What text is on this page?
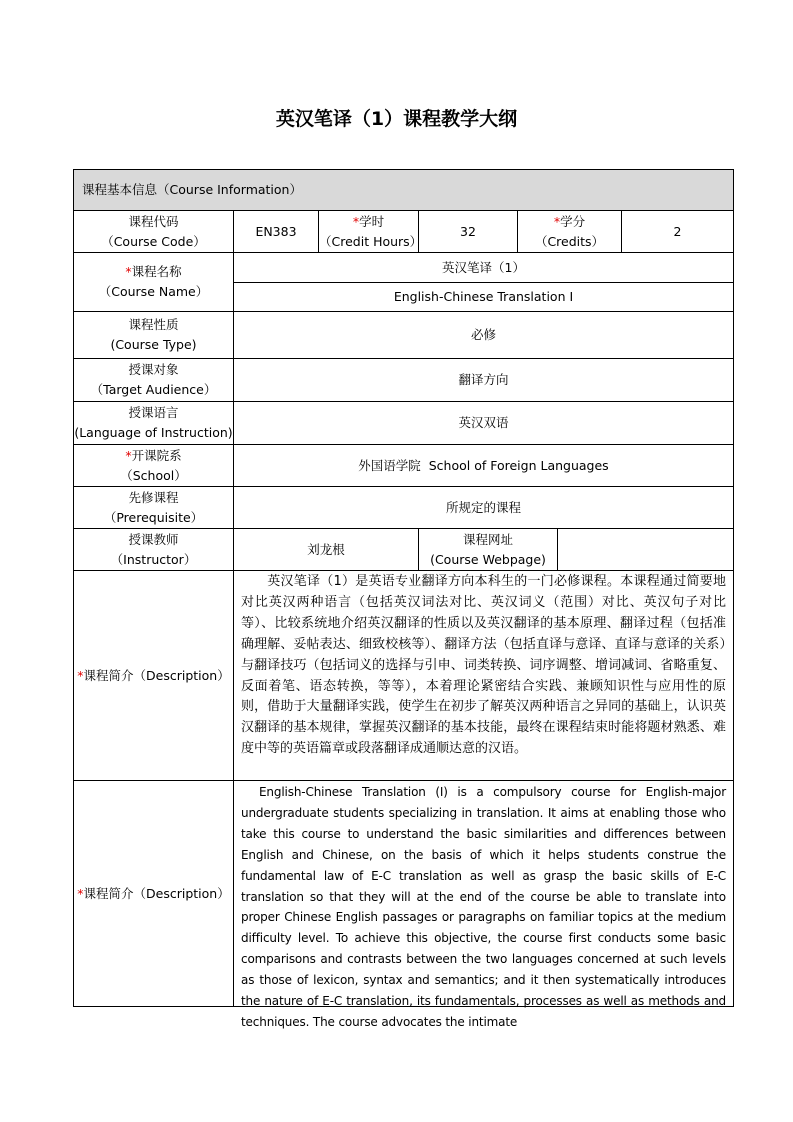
英汉笔译（1）课程教学大纲
课程基本信息（Course Information）
课程代码
（Course Code）
EN383
*学时
（Credit Hours）
32
*学分
（Credits）
2
*课程名称
（Course Name）
英汉笔译（1）
English-Chinese Translation I
课程性质
(Course Type)
必修
授课对象
（Target Audience）
翻译方向
授课语言
(Language of Instruction)
英汉双语
*开课院系
（School）
外国语学院  School of Foreign Languages
先修课程
（Prerequisite）
所规定的课程
授课教师
（Instructor）
刘龙根
课程网址
(Course Webpage)
*课程简介（Description）
英汉笔译（1）是英语专业翻译方向本科生的一门必修课程。本课程通过简要地对比英汉两种语言（包括英汉词法对比、英汉词义（范围）对比、英汉句子对比等）、比较系统地介绍英汉翻译的性质以及英汉翻译的基本原理、翻译过程（包括准确理解、妥帖表达、细致校核等）、翻译方法（包括直译与意译、直译与意译的关系）与翻译技巧（包括词义的选择与引申、词类转换、词序调整、增词减词、省略重复、反面着笔、语态转换，等等），本着理论紧密结合实践、兼顾知识性与应用性的原则，借助于大量翻译实践，使学生在初步了解英汉两种语言之异同的基础上，认识英汉翻译的基本规律，掌握英汉翻译的基本技能，最终在课程结束时能将题材熟悉、难度中等的英语篇章或段落翻译成通顺达意的汉语。
*课程简介（Description）
English-Chinese Translation (I) is a compulsory course for English-major undergraduate students specializing in translation. It aims at enabling those who take this course to understand the basic similarities and differences between English and Chinese, on the basis of which it helps students construe the fundamental law of E-C translation as well as grasp the basic skills of E-C translation so that they will at the end of the course be able to translate into proper Chinese English passages or paragraphs on familiar topics at the medium difficulty level. To achieve this objective, the course first conducts some basic comparisons and contrasts between the two languages concerned at such levels as those of lexicon, syntax and semantics; and it then systematically introduces the nature of E-C translation, its fundamentals, processes as well as methods and techniques. The course advocates the intimate
